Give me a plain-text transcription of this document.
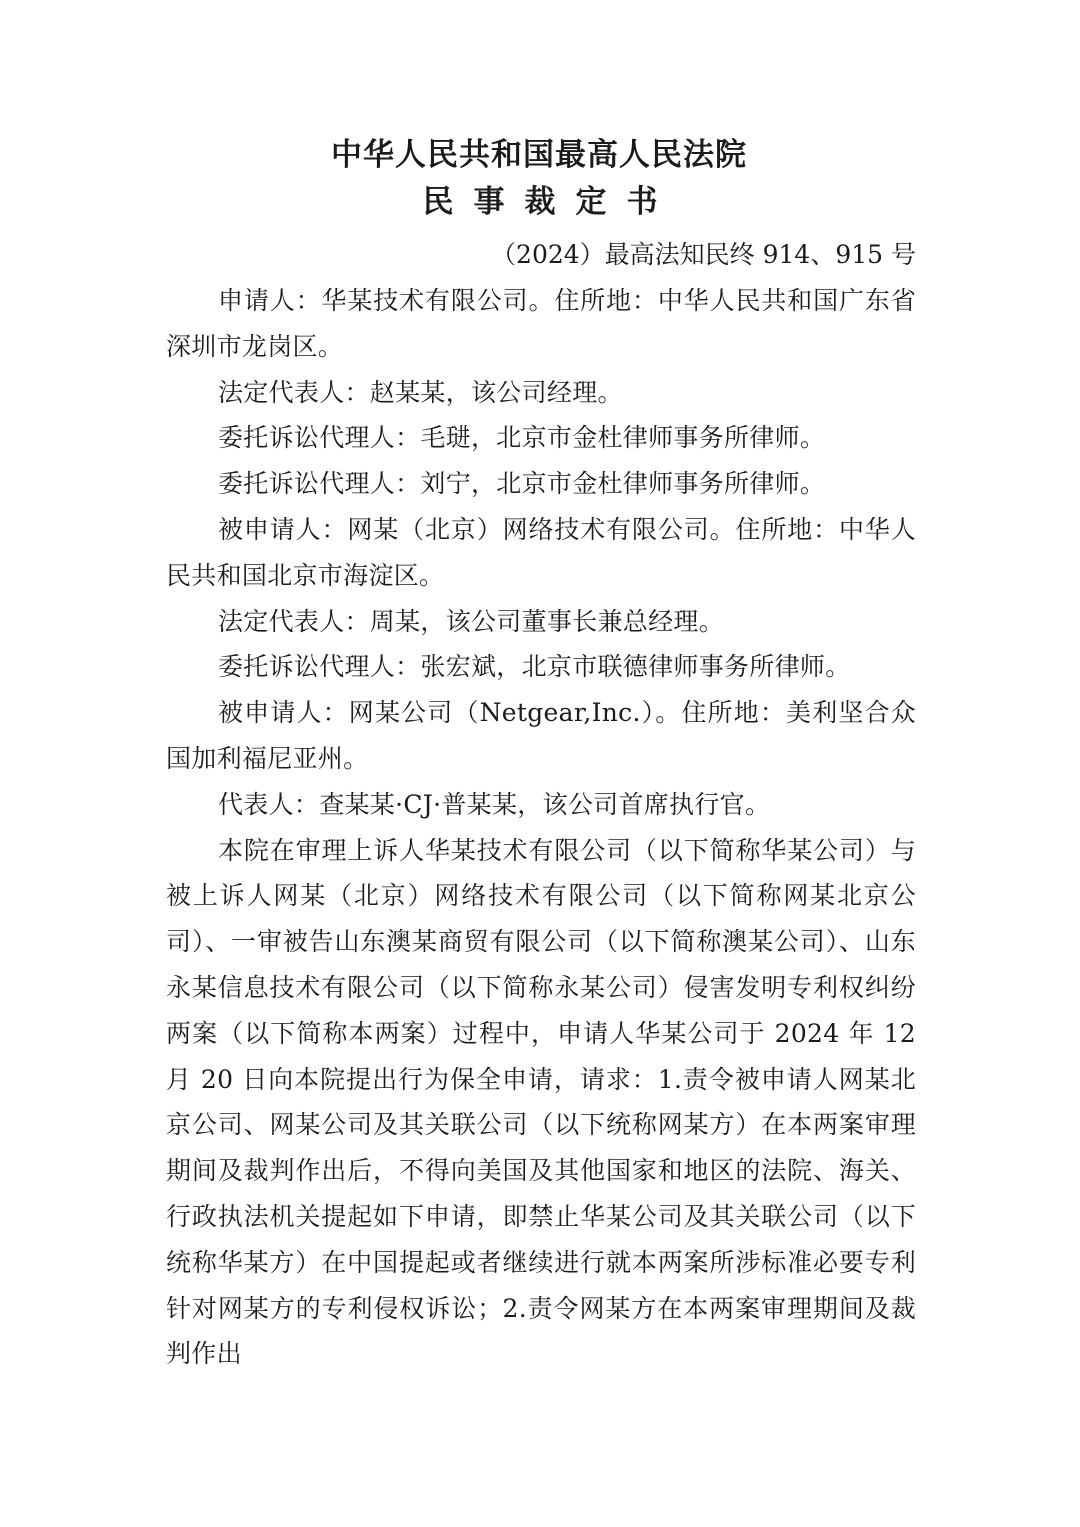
中华人民共和国最高人民法院
民事裁定书
（2024）最高法知民终 914、915 号

申请人：华某技术有限公司。住所地：中华人民共和国广东省深圳市龙岗区。

法定代表人：赵某某，该公司经理。

委托诉讼代理人：毛琎，北京市金杜律师事务所律师。

委托诉讼代理人：刘宁，北京市金杜律师事务所律师。

被申请人：网某（北京）网络技术有限公司。住所地：中华人民共和国北京市海淀区。

法定代表人：周某，该公司董事长兼总经理。

委托诉讼代理人：张宏斌，北京市联德律师事务所律师。

被申请人：网某公司（Netgear,Inc.）。住所地：美利坚合众国加利福尼亚州。

代表人：查某某·CJ·普某某，该公司首席执行官。

本院在审理上诉人华某技术有限公司（以下简称华某公司）与被上诉人网某（北京）网络技术有限公司（以下简称网某北京公司）、一审被告山东澳某商贸有限公司（以下简称澳某公司）、山东永某信息技术有限公司（以下简称永某公司）侵害发明专利权纠纷两案（以下简称本两案）过程中，申请人华某公司于 2024 年 12 月 20 日向本院提出行为保全申请，请求：1.责令被申请人网某北京公司、网某公司及其关联公司（以下统称网某方）在本两案审理期间及裁判作出后，不得向美国及其他国家和地区的法院、海关、行政执法机关提起如下申请，即禁止华某公司及其关联公司（以下统称华某方）在中国提起或者继续进行就本两案所涉标准必要专利针对网某方的专利侵权诉讼；2.责令网某方在本两案审理期间及裁判作出
